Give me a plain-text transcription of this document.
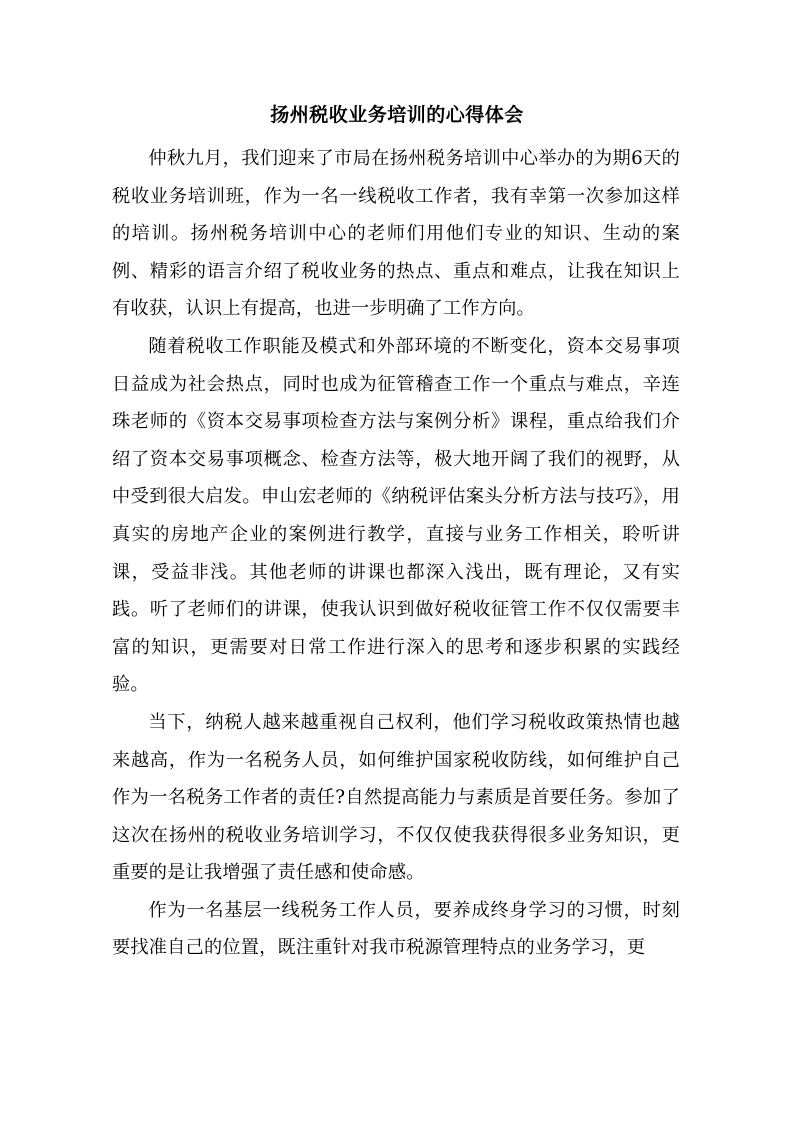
扬州税收业务培训的心得体会

仲秋九月，我们迎来了市局在扬州税务培训中心举办的为期6天的税收业务培训班，作为一名一线税收工作者，我有幸第一次参加这样的培训。扬州税务培训中心的老师们用他们专业的知识、生动的案例、精彩的语言介绍了税收业务的热点、重点和难点，让我在知识上有收获，认识上有提高，也进一步明确了工作方向。

随着税收工作职能及模式和外部环境的不断变化，资本交易事项日益成为社会热点，同时也成为征管稽查工作一个重点与难点，辛连珠老师的《资本交易事项检查方法与案例分析》课程，重点给我们介绍了资本交易事项概念、检查方法等，极大地开阔了我们的视野，从中受到很大启发。申山宏老师的《纳税评估案头分析方法与技巧》，用真实的房地产企业的案例进行教学，直接与业务工作相关，聆听讲课，受益非浅。其他老师的讲课也都深入浅出，既有理论，又有实践。听了老师们的讲课，使我认识到做好税收征管工作不仅仅需要丰富的知识，更需要对日常工作进行深入的思考和逐步积累的实践经验。

当下，纳税人越来越重视自己权利，他们学习税收政策热情也越来越高，作为一名税务人员，如何维护国家税收防线，如何维护自己作为一名税务工作者的责任?自然提高能力与素质是首要任务。参加了这次在扬州的税收业务培训学习，不仅仅使我获得很多业务知识，更重要的是让我增强了责任感和使命感。

作为一名基层一线税务工作人员，要养成终身学习的习惯，时刻要找准自己的位置，既注重针对我市税源管理特点的业务学习，更
